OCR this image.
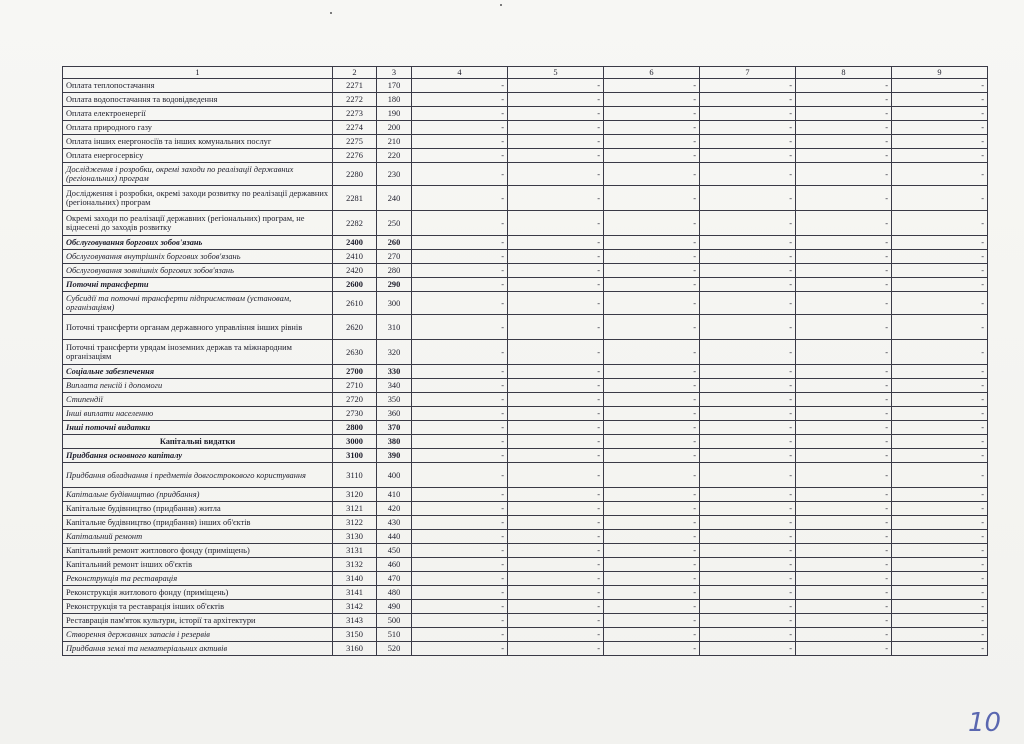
1	2	3	4	5	6	7	8	9
Оплата теплопостачання	2271	170	-	-	-	-	-	-
Оплата водопостачання та водовідведення	2272	180	-	-	-	-	-	-
Оплата електроенергії	2273	190	-	-	-	-	-	-
Оплата природного газу	2274	200	-	-	-	-	-	-
Оплата інших енергоносіїв та інших комунальних послуг	2275	210	-	-	-	-	-	-
Оплата енергосервісу	2276	220	-	-	-	-	-	-
Дослідження і розробки, окремі заходи по реалізації державних (регіональних) програм	2280	230	-	-	-	-	-	-
Дослідження і розробки, окремі заходи розвитку по реалізації державних (регіональних) програм	2281	240	-	-	-	-	-	-
Окремі заходи по реалізації державних (регіональних) програм, не віднесені до заходів розвитку	2282	250	-	-	-	-	-	-
Обслуговування боргових зобов'язань	2400	260	-	-	-	-	-	-
Обслуговування внутрішніх боргових зобов'язань	2410	270	-	-	-	-	-	-
Обслуговування зовнішніх боргових зобов'язань	2420	280	-	-	-	-	-	-
Поточні трансферти	2600	290	-	-	-	-	-	-
Субсидії та поточні трансферти підприємствам (установам, організаціям)	2610	300	-	-	-	-	-	-
Поточні трансферти органам державного управління інших рівнів	2620	310	-	-	-	-	-	-
Поточні трансферти урядам іноземних держав та міжнародним організаціям	2630	320	-	-	-	-	-	-
Соціальне забезпечення	2700	330	-	-	-	-	-	-
Виплата пенсій і допомоги	2710	340	-	-	-	-	-	-
Стипендії	2720	350	-	-	-	-	-	-
Інші виплати населенню	2730	360	-	-	-	-	-	-
Інші поточні видатки	2800	370	-	-	-	-	-	-
Капітальні видатки	3000	380	-	-	-	-	-	-
Придбання основного капіталу	3100	390	-	-	-	-	-	-
Придбання обладнання і предметів довгострокового користування	3110	400	-	-	-	-	-	-
Капітальне будівництво (придбання)	3120	410	-	-	-	-	-	-
Капітальне будівництво (придбання) житла	3121	420	-	-	-	-	-	-
Капітальне будівництво (придбання) інших об'єктів	3122	430	-	-	-	-	-	-
Капітальний ремонт	3130	440	-	-	-	-	-	-
Капітальний ремонт житлового фонду (приміщень)	3131	450	-	-	-	-	-	-
Капітальний ремонт інших об'єктів	3132	460	-	-	-	-	-	-
Реконструкція та реставрація	3140	470	-	-	-	-	-	-
Реконструкція житлового фонду (приміщень)	3141	480	-	-	-	-	-	-
Реконструкція та реставрація інших об'єктів	3142	490	-	-	-	-	-	-
Реставрація пам'яток культури, історії та архітектури	3143	500	-	-	-	-	-	-
Створення державних запасів і резервів	3150	510	-	-	-	-	-	-
Придбання землі та нематеріальних активів	3160	520	-	-	-	-	-	-
10
